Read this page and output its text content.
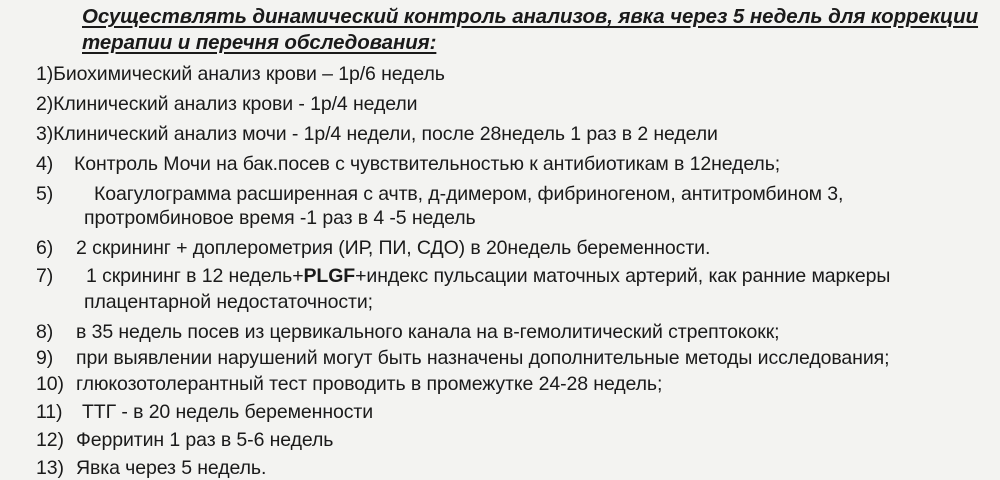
Осуществлять динамический контроль анализов, явка через 5 недель для коррекции
терапии и перечня обследования:
1)Биохимический анализ крови – 1р/6 недель
2)Клинический анализ крови - 1р/4 недели
3)Клинический анализ мочи - 1р/4 недели, после 28недель 1 раз в 2 недели
4) Контроль Мочи на бак.посев с чувствительностью к антибиотикам в 12недель;
5) Коагулограмма расширенная с ачтв, д-димером, фибриногеном, антитромбином 3,
протромбиновое время -1 раз в 4 -5 недель
6) 2 скрининг + доплерометрия (ИР, ПИ, СДО) в 20недель беременности.
7) 1 скрининг в 12 недель+PLGF+индекс пульсации маточных артерий, как ранние маркеры
плацентарной недостаточности;
8) в 35 недель посев из цервикального канала на в-гемолитический стрептококк;
9) при выявлении нарушений могут быть назначены дополнительные методы исследования;
10) глюкозотолерантный тест проводить в промежутке 24-28 недель;
11) ТТГ - в 20 недель беременности
12) Ферритин 1 раз в 5-6 недель
13) Явка через 5 недель.
